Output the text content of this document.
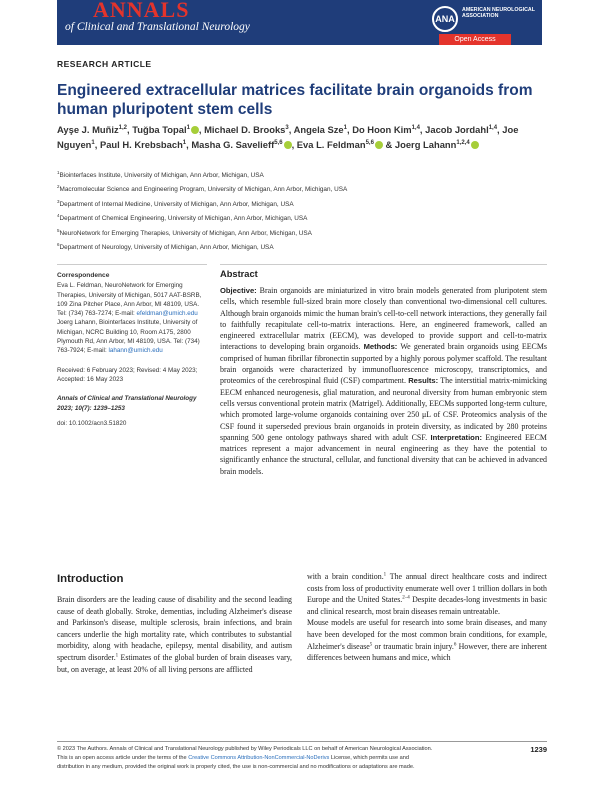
ANNALS
of Clinical and Translational Neurology
ANA
AMERICAN NEUROLOGICAL ASSOCIATION
Open Access
RESEARCH ARTICLE
Engineered extracellular matrices facilitate brain organoids from human pluripotent stem cells
Ayşe J. Muñiz$^{1,2}$, Tuğba Topal$^1$ , Michael D. Brooks$^3$, Angela Sze$^1$, Do Hoon Kim$^{1,4}$, Jacob Jordahl$^{1,4}$, Joe Nguyen$^1$, Paul H. Krebsbach$^1$, Masha G. Savelieff$^{5,6}$ , Eva L. Feldman$^{5,6}$ & Joerg Lahann$^{1,2,4}$
$^1$Biointerfaces Institute, University of Michigan, Ann Arbor, Michigan, USA
$^2$Macromolecular Science and Engineering Program, University of Michigan, Ann Arbor, Michigan, USA
$^3$Department of Internal Medicine, University of Michigan, Ann Arbor, Michigan, USA
$^4$Department of Chemical Engineering, University of Michigan, Ann Arbor, Michigan, USA
$^5$NeuroNetwork for Emerging Therapies, University of Michigan, Ann Arbor, Michigan, USA
$^6$Department of Neurology, University of Michigan, Ann Arbor, Michigan, USA
Correspondence
Eva L. Feldman, NeuroNetwork for Emerging Therapies, University of Michigan, 5017 AAT-BSRB, 109 Zina Pitcher Place, Ann Arbor, MI 48109, USA. Tel: (734) 763-7274; E-mail: efeldman@umich.edu
Joerg Lahann, Biointerfaces Institute, University of Michigan, NCRC Building 10, Room A175, 2800 Plymouth Rd, Ann Arbor, MI 48109, USA. Tel: (734) 763-7924; E-mail: lahann@umich.edu
Received: 6 February 2023; Revised: 4 May 2023; Accepted: 16 May 2023
Annals of Clinical and Translational Neurology 2023; 10(7): 1239–1253
doi: 10.1002/acn3.51820
Abstract

Objective: Brain organoids are miniaturized in vitro brain models generated from pluripotent stem cells, which resemble full-sized brain more closely than conventional two-dimensional cell cultures. Although brain organoids mimic the human brain's cell-to-cell network interactions, they generally fail to faithfully recapitulate cell-to-matrix interactions. Here, an engineered framework, called an engineered extracellular matrix (EECM), was developed to provide support and cell-to-matrix interactions to developing brain organoids. Methods: We generated brain organoids using EECMs comprised of human fibrillar fibronectin supported by a highly porous polymer scaffold. The resultant brain organoids were characterized by immunofluorescence microscopy, transcriptomics, and proteomics of the cerebrospinal fluid (CSF) compartment. Results: The interstitial matrix-mimicking EECM enhanced neurogenesis, glial maturation, and neuronal diversity from human embryonic stem cells versus conventional protein matrix (Matrigel). Additionally, EECMs supported long-term culture, which promoted large-volume organoids containing over 250 μL of CSF. Proteomics analysis of the CSF found it superseded previous brain organoids in protein diversity, as indicated by 280 proteins spanning 500 gene ontology pathways shared with adult CSF. Interpretation: Engineered EECM matrices represent a major advancement in neural engineering as they have the potential to significantly enhance the structural, cellular, and functional diversity that can be achieved in advanced brain models.

Introduction

Brain disorders are the leading cause of disability and the second leading cause of death globally. Stroke, dementias, including Alzheimer's disease and Parkinson's disease, multiple sclerosis, brain infections, and brain cancers underlie the high mortality rate, which contributes to substantial morbidity, along with headache, epilepsy, mental disability, and autism spectrum disorder.$^1$ Estimates of the global burden of brain diseases vary, but, on average, at least 20% of all living persons are afflicted

with a brain condition.$^1$ The annual direct healthcare costs and indirect costs from loss of productivity enumerate well over 1 trillion dollars in both Europe and the United States.$^{2-4}$ Despite decades-long investments in basic and clinical research, most brain diseases remain untreatable.

Mouse models are useful for research into some brain diseases, and many have been developed for the most common brain conditions, for example, Alzheimer's disease$^5$ or traumatic brain injury.$^6$ However, there are inherent differences between humans and mice, which

© 2023 The Authors. Annals of Clinical and Translational Neurology published by Wiley Periodicals LLC on behalf of American Neurological Association.
This is an open access article under the terms of the Creative Commons Attribution-NonCommercial-NoDerivs License, which permits use and
distribution in any medium, provided the original work is properly cited, the use is non-commercial and no modifications or adaptations are made.
1239
